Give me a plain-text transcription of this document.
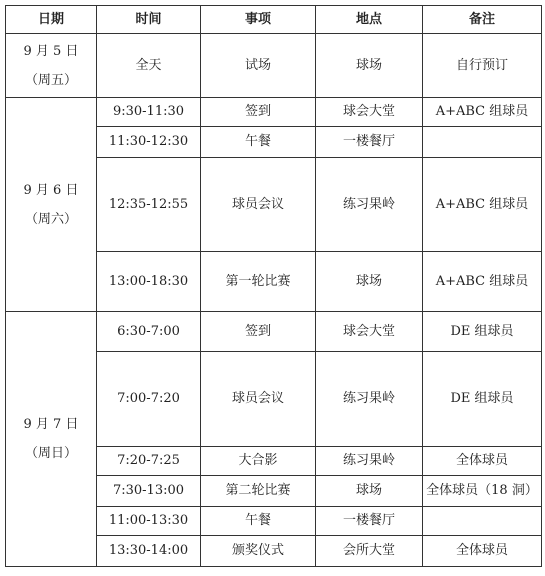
日期	时间	事项	地点	备注

9 月 5 日
（周五）	全天	试场	球场	自行预订

9 月 6 日
（周六）	9:30-11:30	签到	球会大堂	A+ABC 组球员
	11:30-12:30	午餐	一楼餐厅	
	12:35-12:55	球员会议	练习果岭	A+ABC 组球员
	13:00-18:30	第一轮比赛	球场	A+ABC 组球员

9 月 7 日
（周日）	6:30-7:00	签到	球会大堂	DE 组球员
	7:00-7:20	球员会议	练习果岭	DE 组球员
	7:20-7:25	大合影	练习果岭	全体球员
	7:30-13:00	第二轮比赛	球场	全体球员（18 洞）
	11:00-13:30	午餐	一楼餐厅	
	13:30-14:00	颁奖仪式	会所大堂	全体球员
